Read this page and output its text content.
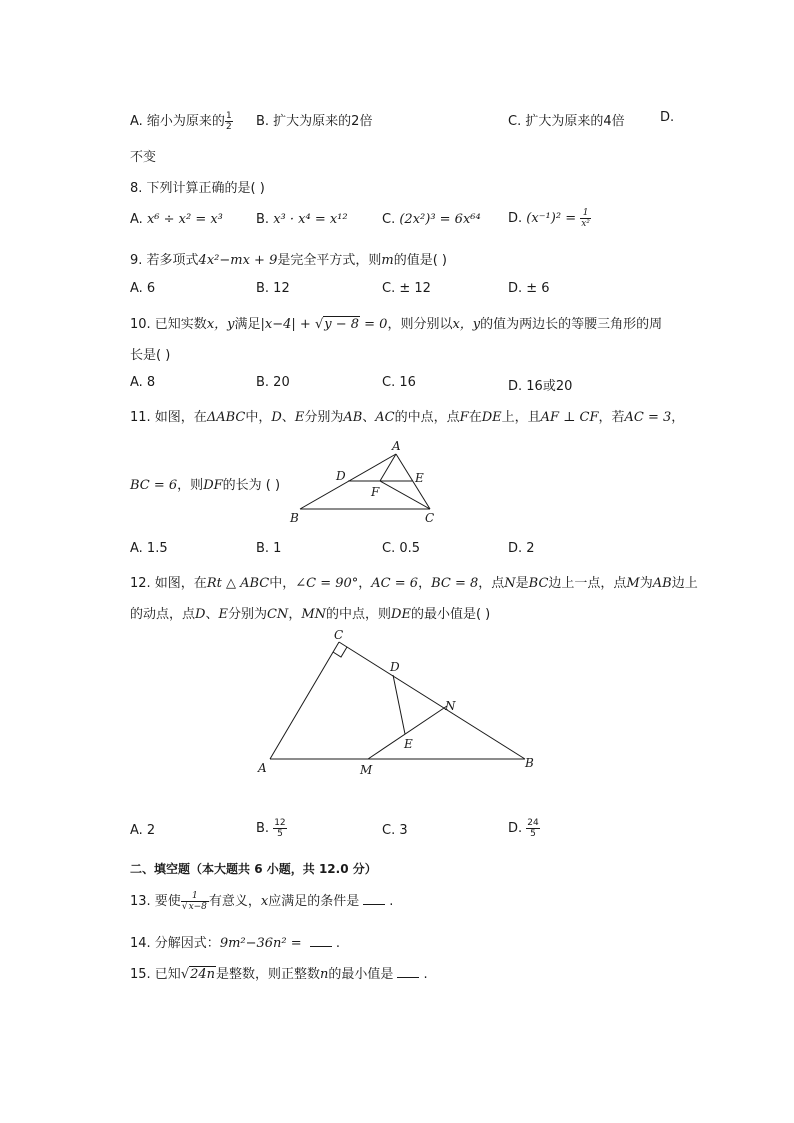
A. 缩小为原来的 $\frac{1}{2} B$. 扩大为原来的2倍	C. 扩大为原来的4倍	D.
不变
8. 下列计算正确的是( )
A. x⁶ ÷ x² = x³	B. x³ · x⁴ = x¹²	C. (2x²)³ = 6x⁶⁴ D. $(x^{-1})^2 = \frac{1}{\text{x²}}$
9. 若多项式4x²−mx + 9是完全平方式，则m的值是( )
A. 6	B. 12	C. ± 12	D. ± 6
10. 已知实数x，y满足|x−4| + √y − 8 = 0，则分别以x，y的值为两边长的等腰三角形的周
长是( )
A. 8	B. 20	C. 16	D. 16或20
11. 如图，在ΔABC中，D、E分别为AB、AC的中点，点F在DE上，且AF ⊥ CF，若AC = 3，
BC = 6，则DF的长为 ( )
A
D	E
F
B	C
A. 1.5	B. 1	C. 0.5	D. 2
12. 如图，在Rt △ ABC中，∠C = 90°，AC = 6，BC = 8，点N是BC边上一点，点M为AB边上
的动点，点D、E分别为CN，MN的中点，则DE的最小值是( )
C
D
N
E
A	M	B
A. 2	B. $\frac{12}{5}$	C. 3	D. $\frac{24}{5}$
二、填空题（本大题共 6 小题，共 12.0 分）
13. 要使 $\frac{1}{√x-8}$ 有意义，x应满足的条件是 .
14. 分解因式：9m²−36n² = .
15. 已知√24n是整数，则正整数n的最小值是 .
